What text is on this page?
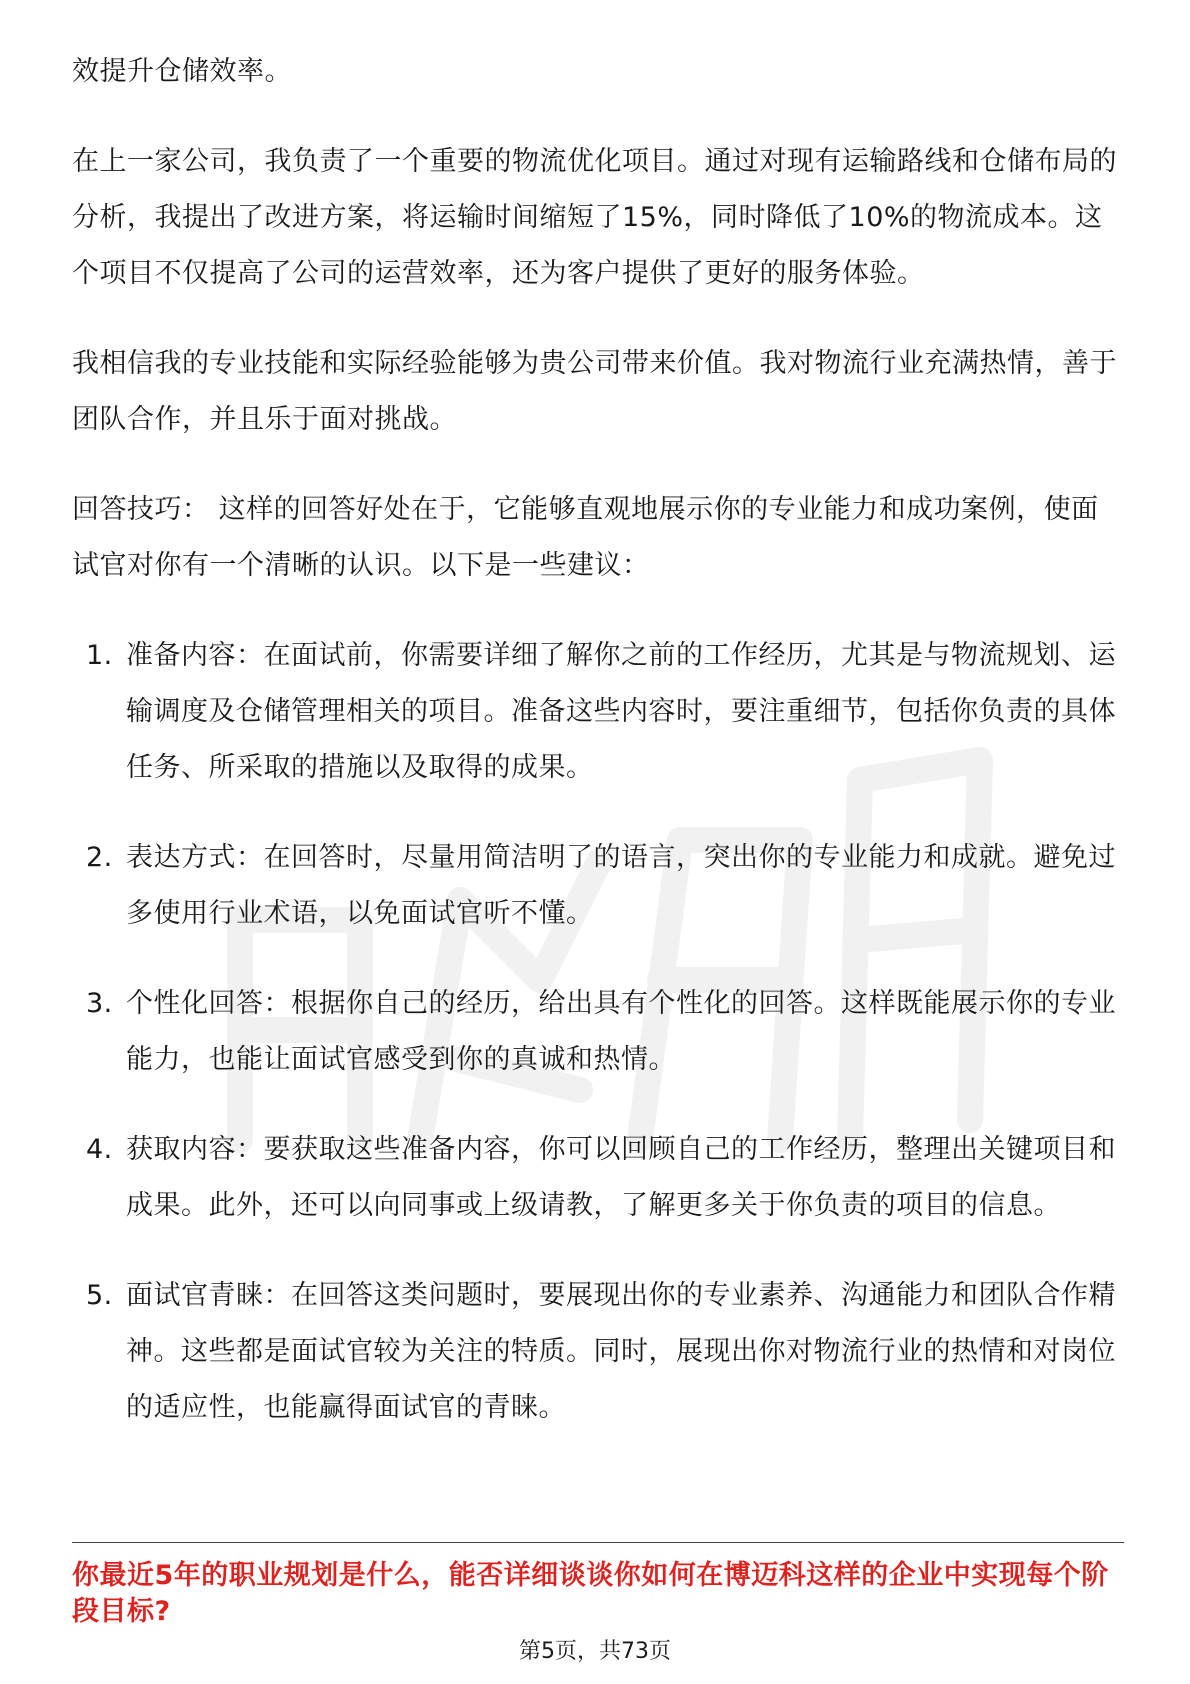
效提升仓储效率。

在上一家公司，我负责了一个重要的物流优化项目。通过对现有运输路线和仓储布局的分析，我提出了改进方案，将运输时间缩短了15%，同时降低了10%的物流成本。这个项目不仅提高了公司的运营效率，还为客户提供了更好的服务体验。

我相信我的专业技能和实际经验能够为贵公司带来价值。我对物流行业充满热情，善于团队合作，并且乐于面对挑战。

回答技巧： 这样的回答好处在于，它能够直观地展示你的专业能力和成功案例，使面试官对你有一个清晰的认识。以下是一些建议：

1. 准备内容：在面试前，你需要详细了解你之前的工作经历，尤其是与物流规划、运输调度及仓储管理相关的项目。准备这些内容时，要注重细节，包括你负责的具体任务、所采取的措施以及取得的成果。
2. 表达方式：在回答时，尽量用简洁明了的语言，突出你的专业能力和成就。避免过多使用行业术语，以免面试官听不懂。
3. 个性化回答：根据你自己的经历，给出具有个性化的回答。这样既能展示你的专业能力，也能让面试官感受到你的真诚和热情。
4. 获取内容：要获取这些准备内容，你可以回顾自己的工作经历，整理出关键项目和成果。此外，还可以向同事或上级请教，了解更多关于你负责的项目的信息。
5. 面试官青睐：在回答这类问题时，要展现出你的专业素养、沟通能力和团队合作精神。这些都是面试官较为关注的特质。同时，展现出你对物流行业的热情和对岗位的适应性，也能赢得面试官的青睐。
你最近5年的职业规划是什么，能否详细谈谈你如何在博迈科这样的企业中实现每个阶段目标?
第5页，共73页
